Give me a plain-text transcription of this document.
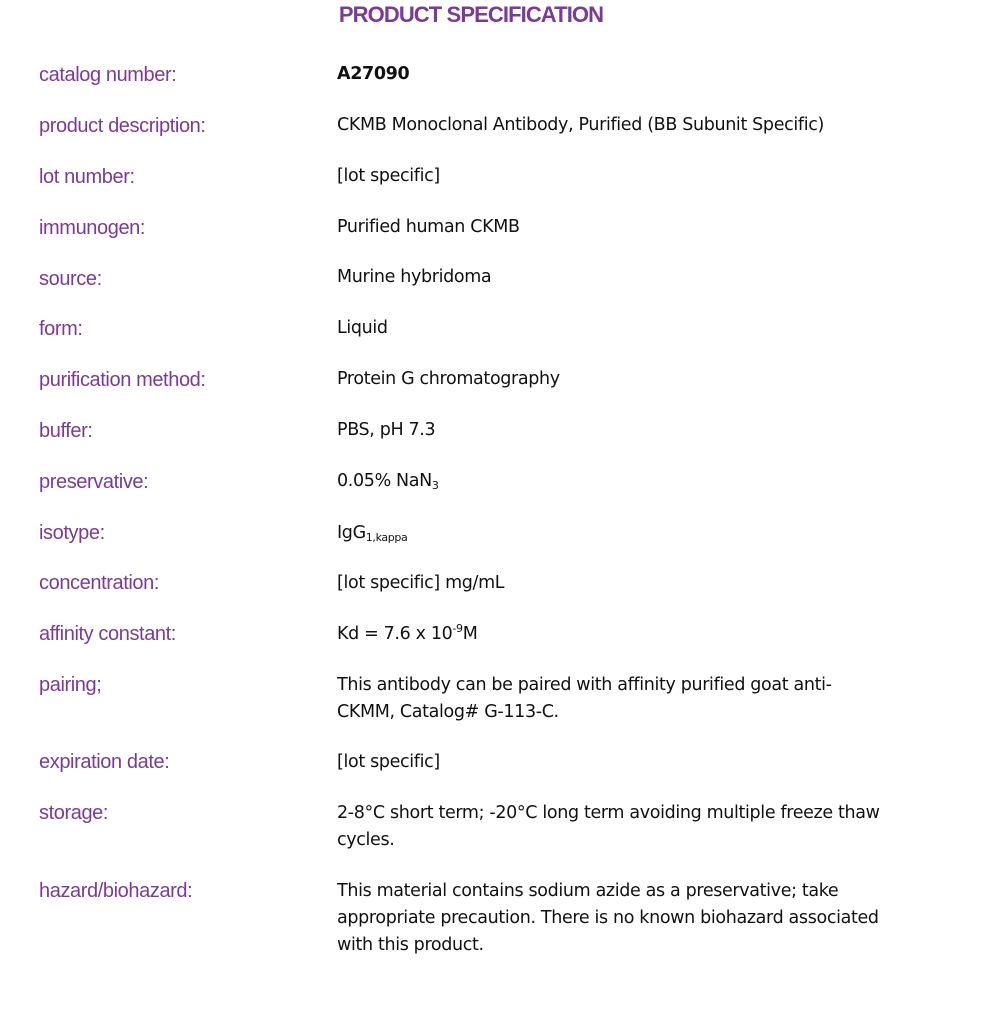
PRODUCT SPECIFICATION
catalog number:	A27090
product description:	CKMB Monoclonal Antibody, Purified (BB Subunit Specific)
lot number:	[lot specific]
immunogen:	Purified human CKMB
source:	Murine hybridoma
form:	Liquid
purification method:	Protein G chromatography
buffer:	PBS, pH 7.3
preservative:	0.05% NaN$_3$
isotype:	IgG$_{1,kappa}$
concentration:	[lot specific] mg/mL
affinity constant:	Kd = 7.6 x $10^{-9}M$
pairing;	This antibody can be paired with affinity purified goat anti-CKMM, Catalog# G-113-C.
expiration date:	[lot specific]
storage:	2-8°C short term; -20°C long term avoiding multiple freeze thaw cycles.
hazard/biohazard:	This material contains sodium azide as a preservative; take appropriate precaution. There is no known biohazard associated with this product.
